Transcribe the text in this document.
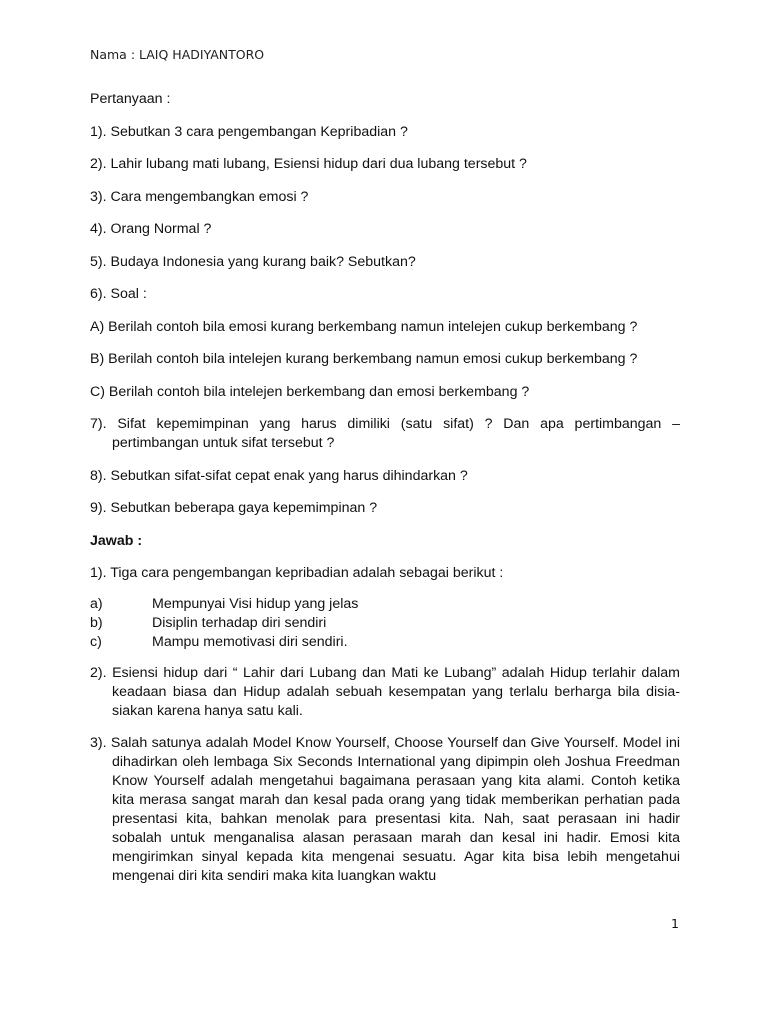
Nama : LAIQ HADIYANTORO

Pertanyaan :

1). Sebutkan 3 cara pengembangan Kepribadian ?

2). Lahir lubang mati lubang, Esiensi hidup dari dua lubang tersebut ?

3). Cara mengembangkan emosi ?

4). Orang Normal ?

5). Budaya Indonesia yang kurang baik? Sebutkan?

6). Soal :

A) Berilah contoh bila emosi kurang berkembang namun intelejen cukup berkembang ?

B) Berilah contoh bila intelejen kurang berkembang namun emosi cukup berkembang ?

C) Berilah contoh bila intelejen berkembang dan emosi berkembang ?

7). Sifat kepemimpinan yang harus dimiliki (satu sifat) ? Dan apa pertimbangan – pertimbangan untuk sifat tersebut ?

8). Sebutkan sifat-sifat cepat enak yang harus dihindarkan ?

9). Sebutkan beberapa gaya kepemimpinan ?

Jawab :

1). Tiga cara pengembangan kepribadian adalah sebagai berikut :

a)	Mempunyai Visi hidup yang jelas
b)	Disiplin terhadap diri sendiri
c)	Mampu memotivasi diri sendiri.

2). Esiensi hidup dari “ Lahir dari Lubang dan Mati ke Lubang” adalah Hidup terlahir dalam keadaan biasa dan Hidup adalah sebuah kesempatan yang terlalu berharga bila disia-siakan karena hanya satu kali.

3). Salah satunya adalah Model Know Yourself, Choose Yourself dan Give Yourself. Model ini dihadirkan oleh lembaga Six Seconds International yang dipimpin oleh Joshua Freedman Know Yourself adalah mengetahui bagaimana perasaan yang kita alami. Contoh ketika kita merasa sangat marah dan kesal pada orang yang tidak memberikan perhatian pada presentasi kita, bahkan menolak para presentasi kita. Nah, saat perasaan ini hadir sobalah untuk menganalisa alasan perasaan marah dan kesal ini hadir. Emosi kita mengirimkan sinyal kepada kita mengenai sesuatu. Agar kita bisa lebih mengetahui mengenai diri kita sendiri maka kita luangkan waktu

1
